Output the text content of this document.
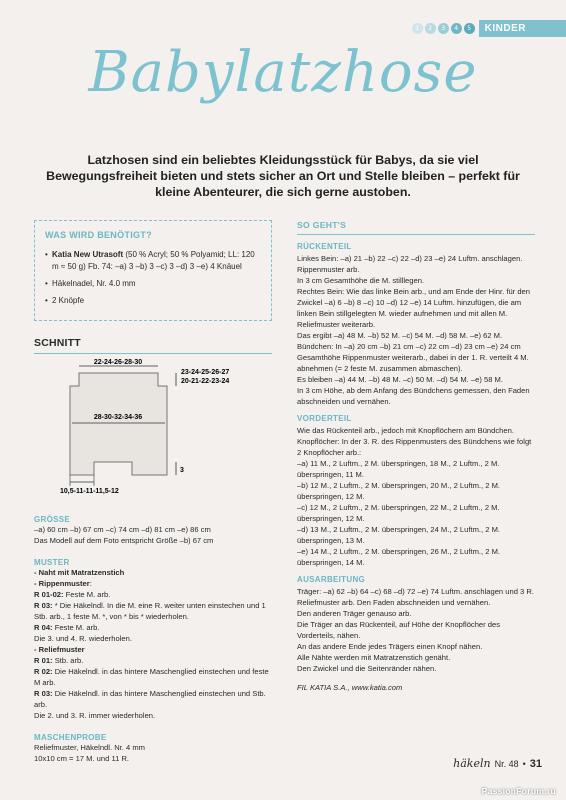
1	2	3	4	5	KINDER
Babylatzhose
Latzhosen sind ein beliebtes Kleidungsstück für Babys, da sie viel Bewegungsfreiheit bieten und stets sicher an Ort und Stelle bleiben – perfekt für kleine Abenteurer, die sich gerne austoben.
WAS WIRD BENÖTIGT?
• Katia New Utrasoft (50 % Acryl; 50 % Polyamid; LL: 120 m ≈ 50 g) Fb. 74: –a) 3 –b) 3 –c) 3 –d) 3 –e) 4 Knäuel
• Häkelnadel, Nr. 4.0 mm
• 2 Knöpfe
SCHNITT
22-24-26-28-30
23-24-25-26-27
20-21-22-23-24
28-30-32-34-36
3
10,5-11-11-11,5-12
GRÖSSE
–a) 60 cm –b) 67 cm –c) 74 cm –d) 81 cm –e) 86 cm
Das Modell auf dem Foto entspricht Größe –b) 67 cm
MUSTER
- Naht mit Matratzenstich
- Rippenmuster:
R 01-02: Feste M. arb.
R 03: * Die Häkelndl. In die M. eine R. weiter unten einstechen und 1 Stb. arb., 1 feste M. *, von * bis * wiederholen.
R 04: Feste M. arb.
Die 3. und 4. R. wiederholen.
- Reliefmuster
R 01: Stb. arb.
R 02: Die Häkelndl. in das hintere Maschenglied einstechen und feste M arb.
R 03: Die Häkelndl. in das hintere Maschenglied einstechen und Stb. arb.
Die 2. und 3. R. immer wiederholen.
MASCHENPROBE
Reliefmuster, Häkelndl. Nr. 4 mm
10x10 cm = 17 M. und 11 R.
SO GEHT'S
RÜCKENTEIL
Linkes Bein: –a) 21 –b) 22 –c) 22 –d) 23 –e) 24 Luftm. anschlagen. Rippenmuster arb.
In 3 cm Gesamthöhe die M. stilllegen.
Rechtes Bein: Wie das linke Bein arb., und am Ende der Hinr. für den Zwickel –a) 6 –b) 8 –c) 10 –d) 12 –e) 14 Luftm. hinzufügen, die am linken Bein stillgelegten M. wieder aufnehmen und mit allen M. Reliefmuster weiterarb.
Das ergibt –a) 48 M. –b) 52 M. –c) 54 M. –d) 58 M. –e) 62 M.
Bündchen: In –a) 20 cm –b) 21 cm –c) 22 cm –d) 23 cm –e) 24 cm Gesamthöhe Rippenmuster weiterarb., dabei in der 1. R. verteilt 4 M. abnehmen (= 2 feste M. zusammen abmaschen).
Es bleiben –a) 44 M. –b) 48 M. –c) 50 M. –d) 54 M. –e) 58 M.
In 3 cm Höhe, ab dem Anfang des Bündchens gemessen, den Faden abschneiden und vernähen.
VORDERTEIL
Wie das Rückenteil arb., jedoch mit Knopflöchern am Bündchen.
Knopflöcher: In der 3. R. des Rippenmusters des Bündchens wie folgt 2 Knopflöcher arb.:
–a) 11 M., 2 Luftm., 2 M. überspringen, 18 M., 2 Luftm., 2 M. überspringen, 11 M.
–b) 12 M., 2 Luftm., 2 M. überspringen, 20 M., 2 Luftm., 2 M. überspringen, 12 M.
–c) 12 M., 2 Luftm., 2 M. überspringen, 22 M., 2 Luftm., 2 M. überspringen, 12 M.
–d) 13 M., 2 Luftm., 2 M. überspringen, 24 M., 2 Luftm., 2 M. überspringen, 13 M.
–e) 14 M., 2 Luftm., 2 M. überspringen, 26 M., 2 Luftm., 2 M. überspringen, 14 M.
AUSARBEITUNG
Träger: –a) 62 –b) 64 –c) 68 –d) 72 –e) 74 Luftm. anschlagen und 3 R. Reliefmuster arb. Den Faden abschneiden und vernähen.
Den anderen Träger genauso arb.
Die Träger an das Rückenteil, auf Höhe der Knopflöcher des Vorderteils, nähen.
An das andere Ende jedes Trägers einen Knopf nähen.
Alle Nähte werden mit Matratzenstich genäht.
Den Zwickel und die Seitenränder nähen.
FIL KATIA S.A., www.katia.com
häkeln Nr. 48 • 31
PassionForum.ru
